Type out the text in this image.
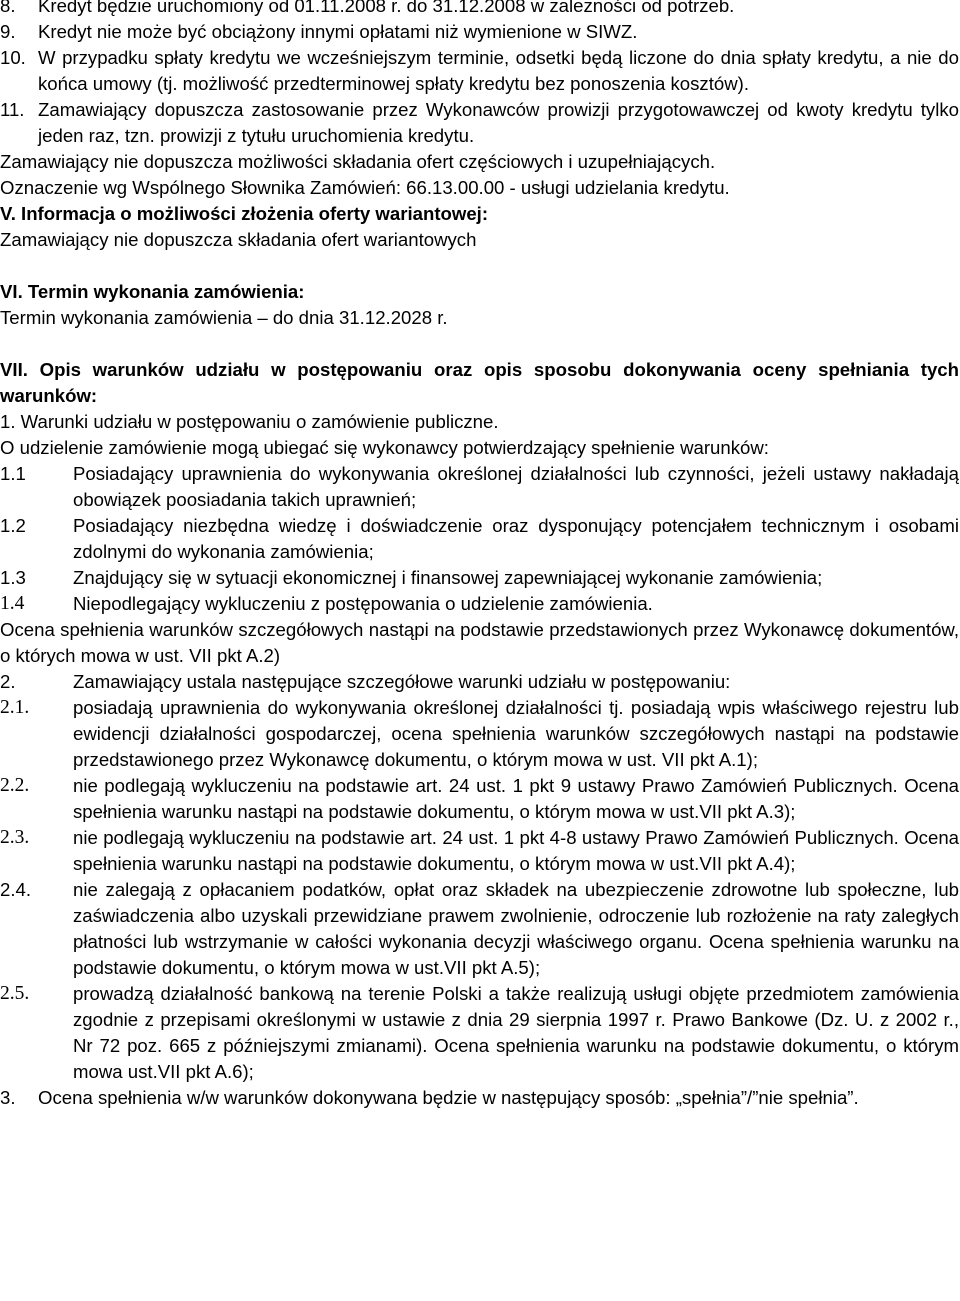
8. Kredyt będzie uruchomiony od 01.11.2008 r. do 31.12.2008 w zależności od potrzeb.

9. Kredyt nie może być obciążony innymi opłatami niż wymienione w SIWZ.

10. W przypadku spłaty kredytu we wcześniejszym terminie, odsetki będą liczone do dnia spłaty kredytu, a nie do końca umowy (tj. możliwość przedterminowej spłaty kredytu bez ponoszenia kosztów).

11. Zamawiający dopuszcza zastosowanie przez Wykonawców prowizji przygotowawczej od kwoty kredytu tylko jeden raz, tzn. prowizji z tytułu uruchomienia kredytu.

Zamawiający nie dopuszcza możliwości składania ofert częściowych i uzupełniających.

Oznaczenie wg Wspólnego Słownika Zamówień: 66.13.00.00 - usługi udzielania kredytu.

V. Informacja o możliwości złożenia oferty wariantowej:

Zamawiający nie dopuszcza składania ofert wariantowych

VI. Termin wykonania zamówienia:

Termin wykonania zamówienia – do dnia 31.12.2028 r.

VII. Opis warunków udziału w postępowaniu oraz opis sposobu dokonywania oceny spełniania tych warunków:

1. Warunki udziału w postępowaniu o zamówienie publiczne.

O udzielenie zamówienie mogą ubiegać się wykonawcy potwierdzający spełnienie warunków:

1.1	Posiadający uprawnienia do wykonywania określonej działalności lub czynności, jeżeli ustawy nakładają obowiązek poosiadania takich uprawnień;

1.2	Posiadający niezbędna wiedzę i doświadczenie oraz dysponujący potencjałem technicznym i osobami zdolnymi do wykonania zamówienia;

1.3	Znajdujący się w sytuacji ekonomicznej i finansowej zapewniającej wykonanie zamówienia;

1.4	Niepodlegający wykluczeniu z postępowania o udzielenie zamówienia.

Ocena spełnienia warunków szczegółowych nastąpi na podstawie przedstawionych przez Wykonawcę dokumentów, o których mowa w ust. VII pkt A.2)

2.	Zamawiający ustala następujące szczegółowe warunki udziału w postępowaniu:

2.1. posiadają uprawnienia do wykonywania określonej działalności tj. posiadają wpis właściwego rejestru lub ewidencji działalności gospodarczej, ocena spełnienia warunków szczegółowych nastąpi na podstawie przedstawionego przez Wykonawcę dokumentu, o którym mowa w ust. VII pkt A.1);

2.2. nie podlegają wykluczeniu na podstawie art. 24 ust. 1 pkt 9 ustawy Prawo Zamówień Publicznych. Ocena spełnienia warunku nastąpi na podstawie dokumentu, o którym mowa w ust.VII pkt A.3);

2.3. nie podlegają wykluczeniu na podstawie art. 24 ust. 1 pkt 4-8 ustawy Prawo Zamówień Publicznych. Ocena spełnienia warunku nastąpi na podstawie dokumentu, o którym mowa w ust.VII pkt A.4);

2.4. nie zalegają z opłacaniem podatków, opłat oraz składek na ubezpieczenie zdrowotne lub społeczne, lub zaświadczenia albo uzyskali przewidziane prawem zwolnienie, odroczenie lub rozłożenie na raty zaległych płatności lub wstrzymanie w całości wykonania decyzji właściwego organu. Ocena spełnienia warunku na podstawie dokumentu, o którym mowa w ust.VII pkt A.5);

2.5. prowadzą działalność bankową na terenie Polski a także realizują usługi objęte przedmiotem zamówienia zgodnie z przepisami określonymi w ustawie z dnia 29 sierpnia 1997 r. Prawo Bankowe (Dz. U. z 2002 r., Nr 72 poz. 665 z późniejszymi zmianami). Ocena spełnienia warunku na podstawie dokumentu, o którym mowa ust.VII pkt A.6);

3. Ocena spełnienia w/w warunków dokonywana będzie w następujący sposób: „spełnia”/”nie spełnia”.
